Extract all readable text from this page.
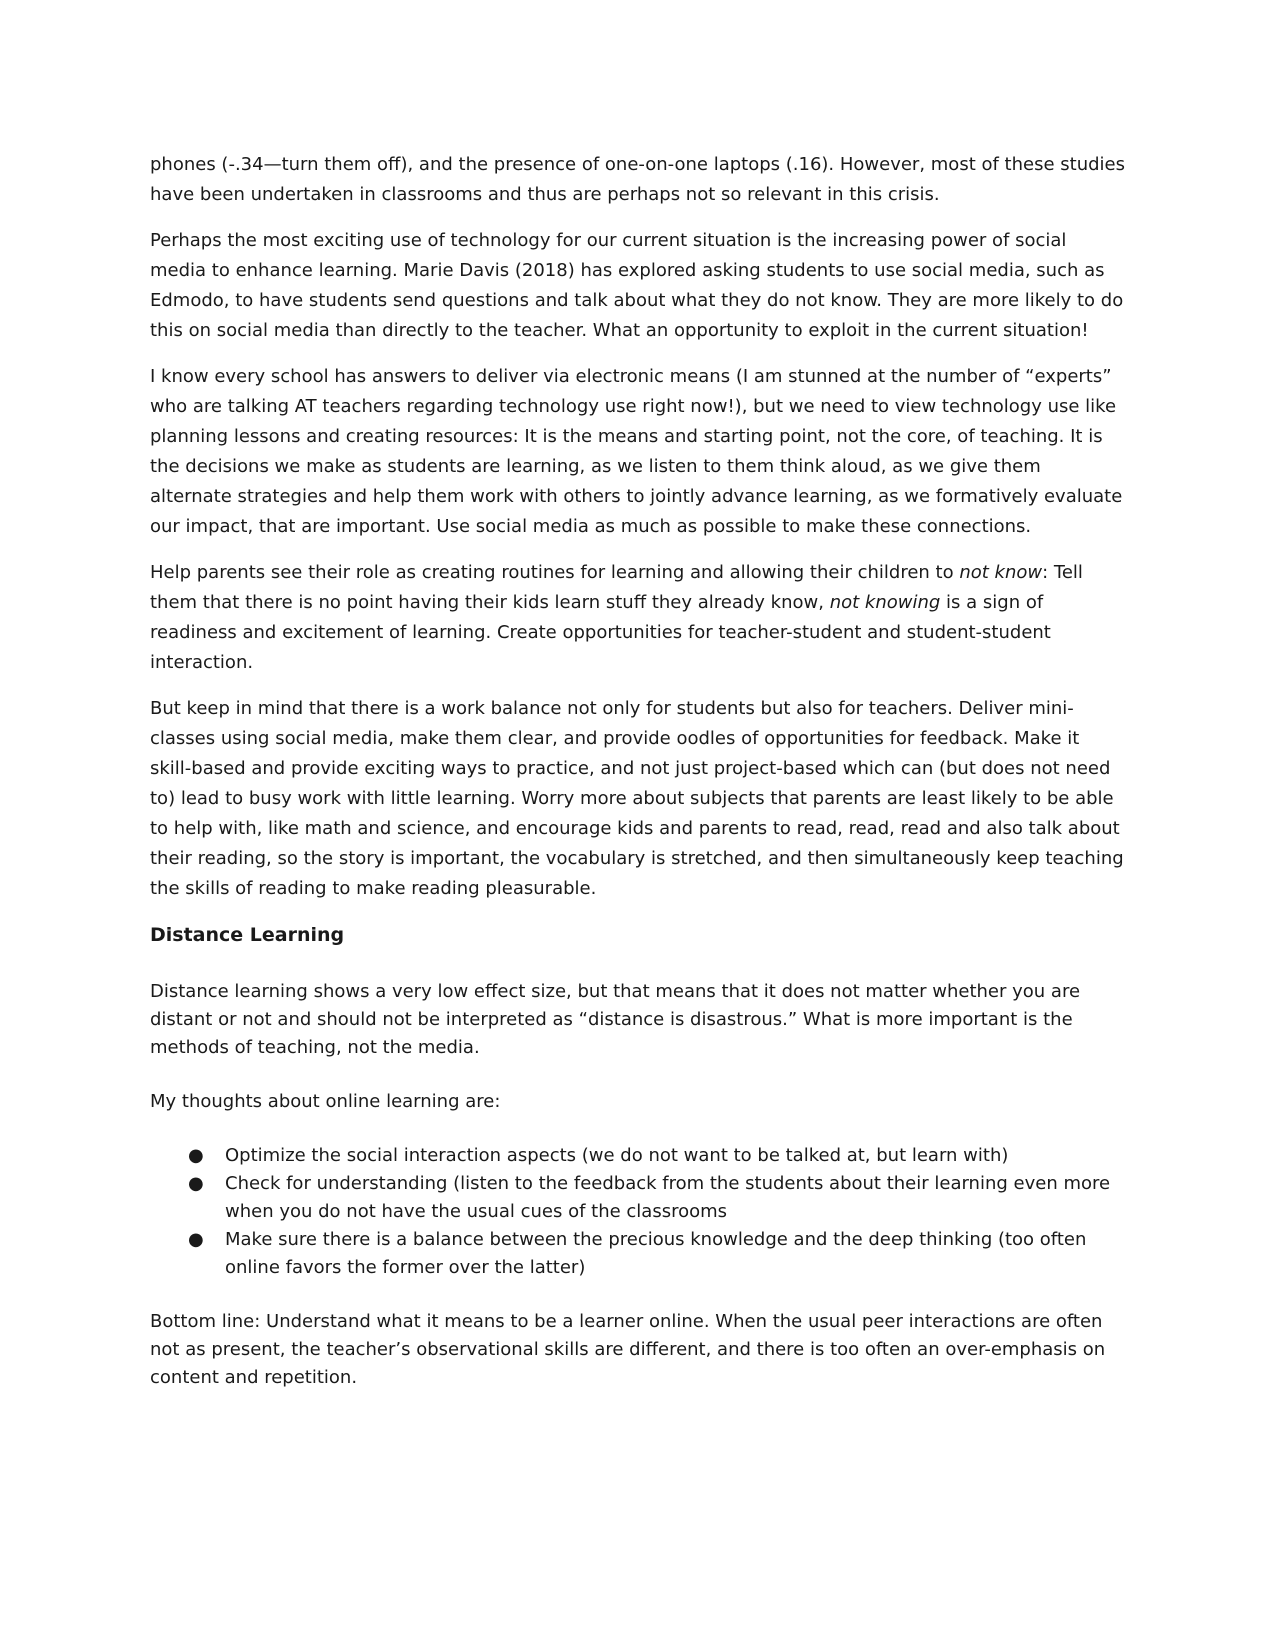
phones (-.34—turn them off), and the presence of one-on-one laptops (.16). However, most of these studies have been undertaken in classrooms and thus are perhaps not so relevant in this crisis.

Perhaps the most exciting use of technology for our current situation is the increasing power of social media to enhance learning. Marie Davis (2018) has explored asking students to use social media, such as Edmodo, to have students send questions and talk about what they do not know. They are more likely to do this on social media than directly to the teacher. What an opportunity to exploit in the current situation!

I know every school has answers to deliver via electronic means (I am stunned at the number of “experts” who are talking AT teachers regarding technology use right now!), but we need to view technology use like planning lessons and creating resources: It is the means and starting point, not the core, of teaching. It is the decisions we make as students are learning, as we listen to them think aloud, as we give them alternate strategies and help them work with others to jointly advance learning, as we formatively evaluate our impact, that are important. Use social media as much as possible to make these connections.

Help parents see their role as creating routines for learning and allowing their children to not know: Tell them that there is no point having their kids learn stuff they already know, not knowing is a sign of readiness and excitement of learning. Create opportunities for teacher-student and student-student interaction.

But keep in mind that there is a work balance not only for students but also for teachers. Deliver mini-classes using social media, make them clear, and provide oodles of opportunities for feedback. Make it skill-based and provide exciting ways to practice, and not just project-based which can (but does not need to) lead to busy work with little learning. Worry more about subjects that parents are least likely to be able to help with, like math and science, and encourage kids and parents to read, read, read and also talk about their reading, so the story is important, the vocabulary is stretched, and then simultaneously keep teaching the skills of reading to make reading pleasurable.

Distance Learning

Distance learning shows a very low effect size, but that means that it does not matter whether you are distant or not and should not be interpreted as “distance is disastrous.” What is more important is the methods of teaching, not the media.

My thoughts about online learning are:

● Optimize the social interaction aspects (we do not want to be talked at, but learn with)
● Check for understanding (listen to the feedback from the students about their learning even more when you do not have the usual cues of the classrooms
● Make sure there is a balance between the precious knowledge and the deep thinking (too often online favors the former over the latter)

Bottom line: Understand what it means to be a learner online. When the usual peer interactions are often not as present, the teacher’s observational skills are different, and there is too often an over-emphasis on content and repetition.
